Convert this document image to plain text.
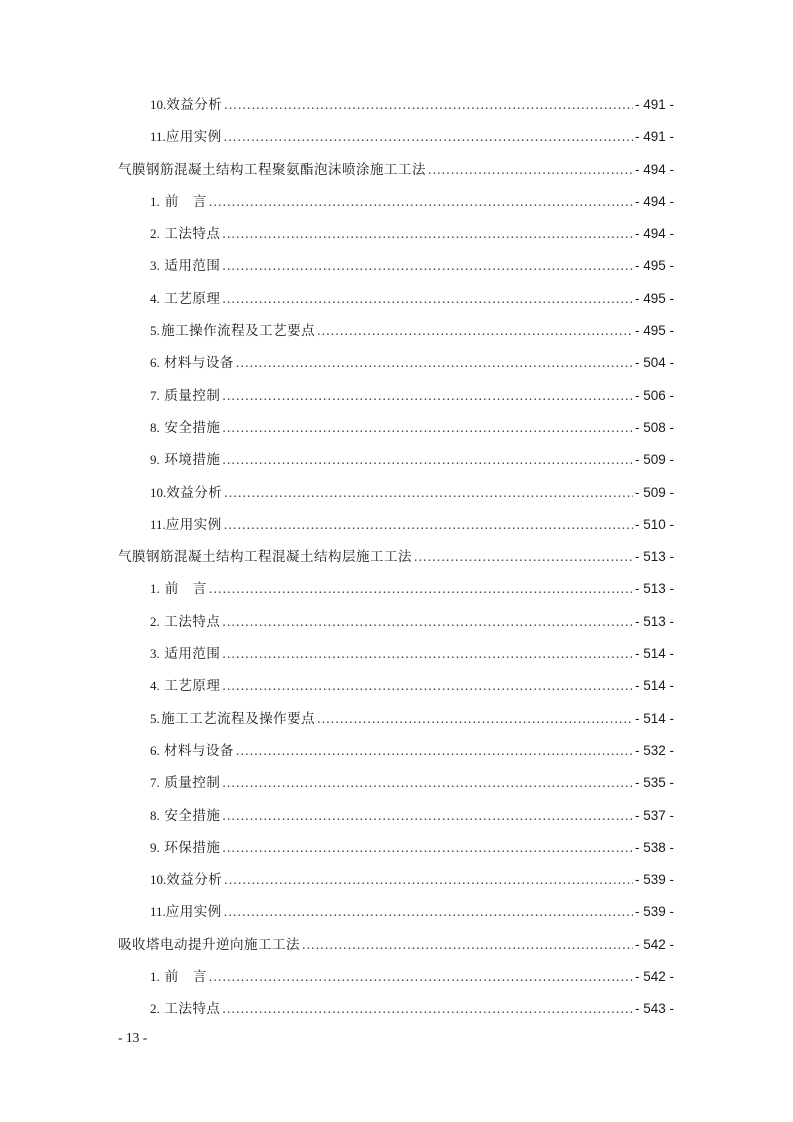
10. 效益分析 .....	- 491 -
11. 应用实例 .....	- 491 -
气膜钢筋混凝土结构工程聚氨酯泡沫喷涂施工工法 .....	- 494 -
1. 前　言 .....	- 494 -
2. 工法特点 .....	- 494 -
3. 适用范围 .....	- 495 -
4. 工艺原理 .....	- 495 -
5. 施工操作流程及工艺要点 .....	- 495 -
6. 材料与设备 .....	- 504 -
7. 质量控制 .....	- 506 -
8. 安全措施 .....	- 508 -
9. 环境措施 .....	- 509 -
10. 效益分析 .....	- 509 -
11. 应用实例 .....	- 510 -
气膜钢筋混凝土结构工程混凝土结构层施工工法 .....	- 513 -
1. 前　言 .....	- 513 -
2. 工法特点 .....	- 513 -
3. 适用范围 .....	- 514 -
4. 工艺原理 .....	- 514 -
5. 施工工艺流程及操作要点 .....	- 514 -
6. 材料与设备 .....	- 532 -
7. 质量控制 .....	- 535 -
8. 安全措施 .....	- 537 -
9. 环保措施 .....	- 538 -
10. 效益分析 .....	- 539 -
11. 应用实例 .....	- 539 -
吸收塔电动提升逆向施工工法 .....	- 542 -
1. 前　言 .....	- 542 -
2. 工法特点 .....	- 543 -
- 13 -
